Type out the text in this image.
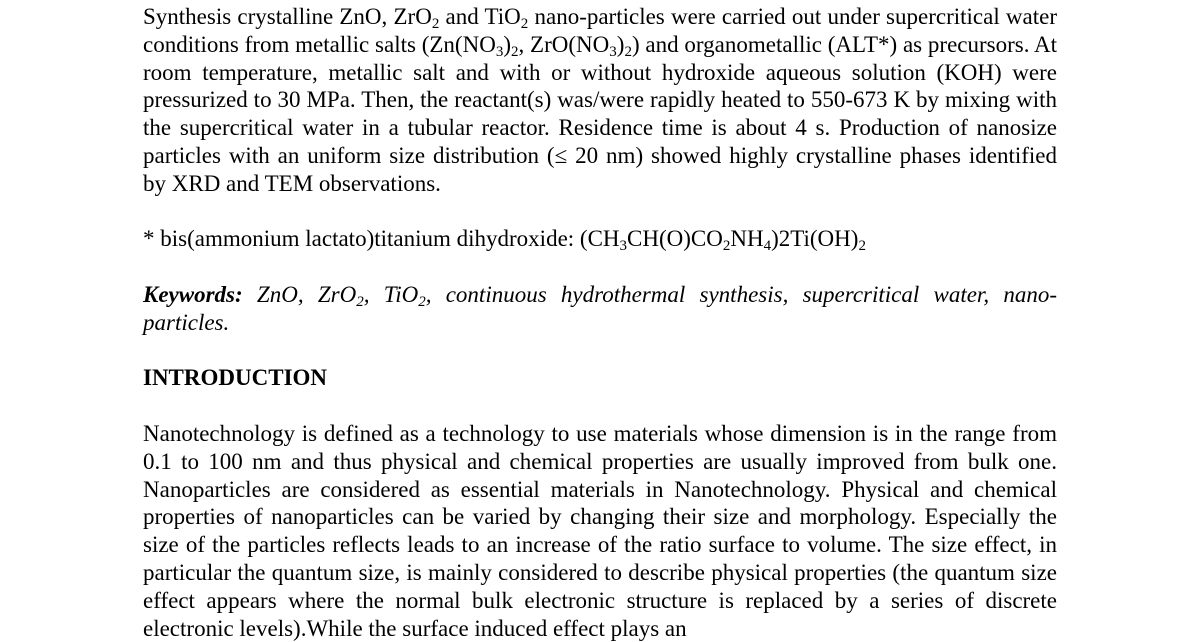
Synthesis crystalline ZnO, ZrO$_2$ and TiO$_2$ nano-particles were carried out under supercritical water conditions from metallic salts ($Zn(NO_3)_2$, $ZrO(NO_3)_2$) and organometallic (ALT*) as precursors. At room temperature, metallic salt and with or without hydroxide aqueous solution (KOH) were pressurized to 30 MPa. Then, the reactant(s) was/were rapidly heated to 550-673 K by mixing with the supercritical water in a tubular reactor. Residence time is about 4 s. Production of nanosize particles with an uniform size distribution (≤ 20 nm) showed highly crystalline phases identified by XRD and TEM observations.

* bis(ammonium lactato)titanium dihydroxide: $(CH_3CH(O)CO_2NH_4)2Ti(OH)_2$

Keywords: ZnO, ZrO$_2$, TiO$_2$, continuous hydrothermal synthesis, supercritical water, nano-particles.

INTRODUCTION

Nanotechnology is defined as a technology to use materials whose dimension is in the range from 0.1 to 100 nm and thus physical and chemical properties are usually improved from bulk one. Nanoparticles are considered as essential materials in Nanotechnology. Physical and chemical properties of nanoparticles can be varied by changing their size and morphology. Especially the size of the particles reflects leads to an increase of the ratio surface to volume. The size effect, in particular the quantum size, is mainly considered to describe physical properties (the quantum size effect appears where the normal bulk electronic structure is replaced by a series of discrete electronic levels).While the surface induced effect plays an
